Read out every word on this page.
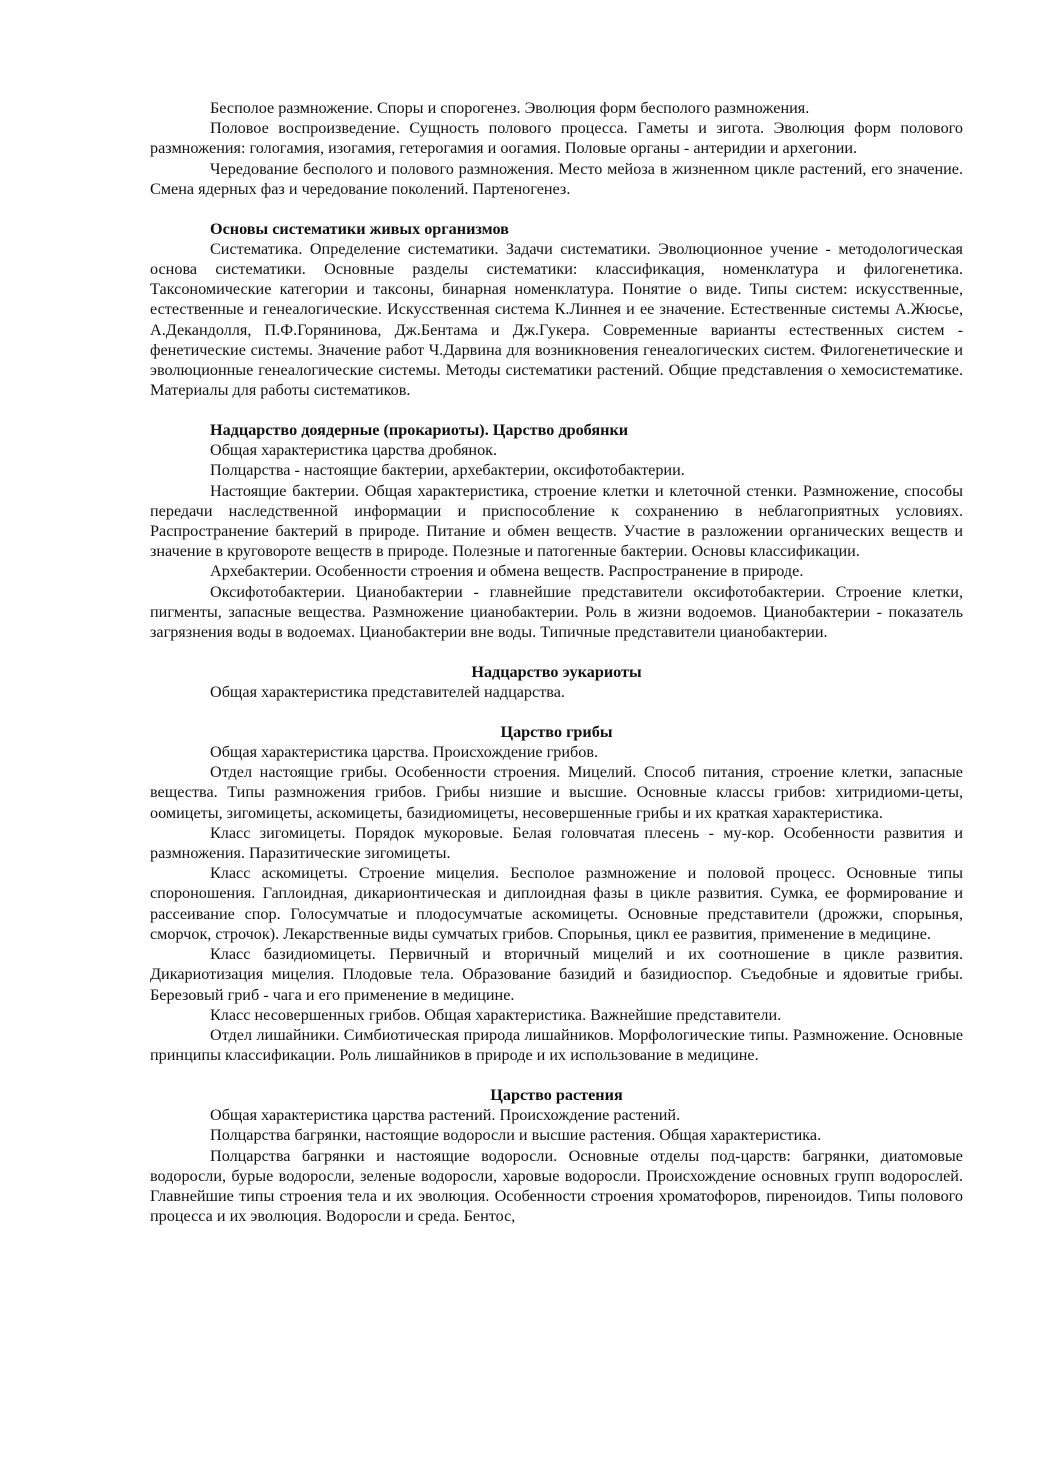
Бесполое размножение. Споры и спорогенез. Эволюция форм бесполого размножения.

Половое воспроизведение. Сущность полового процесса. Гаметы и зигота. Эволюция форм полового размножения: гологамия, изогамия, гетерогамия и оогамия. Половые органы - антеридии и архегонии.

Чередование бесполого и полового размножения. Место мейоза в жизненном цикле растений, его значение. Смена ядерных фаз и чередование поколений. Партеногенез.

Основы систематики живых организмов

Систематика. Определение систематики. Задачи систематики. Эволюционное учение - методологическая основа систематики. Основные разделы систематики: классификация, номенклатура и филогенетика. Таксономические категории и таксоны, бинарная номенклатура. Понятие о виде. Типы систем: искусственные, естественные и генеалогические. Искусственная система К.Линнея и ее значение. Естественные системы А.Жюсье, А.Декандолля, П.Ф.Горянинова, Дж.Бентама и Дж.Гукера. Современные варианты естественных систем - фенетические системы. Значение работ Ч.Дарвина для возникновения генеалогических систем. Филогенетические и эволюционные генеалогические системы. Методы систематики растений. Общие представления о хемосистематике. Материалы для работы систематиков.

Надцарство доядерные (прокариоты). Царство дробянки

Общая характеристика царства дробянок.

Полцарства - настоящие бактерии, архебактерии, оксифотобактерии.

Настоящие бактерии. Общая характеристика, строение клетки и клеточной стенки. Размножение, способы передачи наследственной информации и приспособление к сохранению в неблагоприятных условиях. Распространение бактерий в природе. Питание и обмен веществ. Участие в разложении органических веществ и значение в круговороте веществ в природе. Полезные и патогенные бактерии. Основы классификации.

Архебактерии. Особенности строения и обмена веществ. Распространение в природе.

Оксифотобактерии. Цианобактерии - главнейшие представители оксифотобактерии. Строение клетки, пигменты, запасные вещества. Размножение цианобактерии. Роль в жизни водоемов. Цианобактерии - показатель загрязнения воды в водоемах. Цианобактерии вне воды. Типичные представители цианобактерии.

Надцарство эукариоты

Общая характеристика представителей надцарства.

Царство грибы

Общая характеристика царства. Происхождение грибов.

Отдел настоящие грибы. Особенности строения. Мицелий. Способ питания, строение клетки, запасные вещества. Типы размножения грибов. Грибы низшие и высшие. Основные классы грибов: хитридиоми-цеты, оомицеты, зигомицеты, аскомицеты, базидиомицеты, несовершенные грибы и их краткая характеристика.

Класс зигомицеты. Порядок мукоровые. Белая головчатая плесень - му-кор. Особенности развития и размножения. Паразитические зигомицеты.

Класс аскомицеты. Строение мицелия. Бесполое размножение и половой процесс. Основные типы спороношения. Гаплоидная, дикарионтическая и диплоидная фазы в цикле развития. Сумка, ее формирование и рассеивание спор. Голосумчатые и плодосумчатые аскомицеты. Основные представители (дрожжи, спорынья, сморчок, строчок). Лекарственные виды сумчатых грибов. Спорынья, цикл ее развития, применение в медицине.

Класс базидиомицеты. Первичный и вторичный мицелий и их соотношение в цикле развития. Дикариотизация мицелия. Плодовые тела. Образование базидий и базидиоспор. Съедобные и ядовитые грибы. Березовый гриб - чага и его применение в медицине.

Класс несовершенных грибов. Общая характеристика. Важнейшие представители.

Отдел лишайники. Симбиотическая природа лишайников. Морфологические типы. Размножение. Основные принципы классификации. Роль лишайников в природе и их использование в медицине.

Царство растения

Общая характеристика царства растений. Происхождение растений.

Полцарства багрянки, настоящие водоросли и высшие растения. Общая характеристика.

Полцарства багрянки и настоящие водоросли. Основные отделы под-царств: багрянки, диатомовые водоросли, бурые водоросли, зеленые водоросли, харовые водоросли. Происхождение основных групп водорослей. Главнейшие типы строения тела и их эволюция. Особенности строения хроматофоров, пиреноидов. Типы полового процесса и их эволюция. Водоросли и среда. Бентос,
